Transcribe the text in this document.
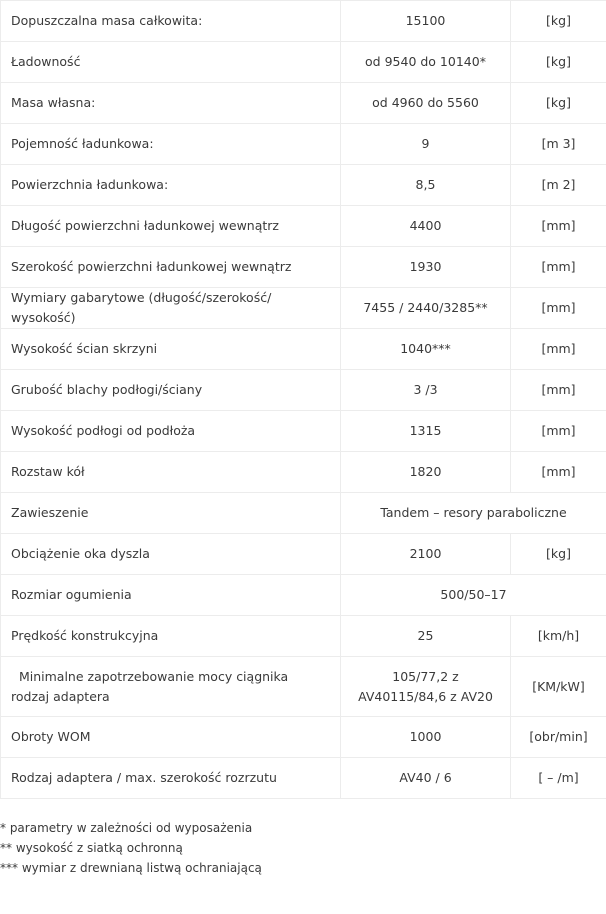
Dopuszczalna masa całkowita:	15100	[kg]
Ładowność	od 9540 do 10140*	[kg]
Masa własna:	od 4960 do 5560	[kg]
Pojemność ładunkowa:	9	[m 3]
Powierzchnia ładunkowa:	8,5	[m 2]
Długość powierzchni ładunkowej wewnątrz	4400	[mm]
Szerokość powierzchni ładunkowej wewnątrz	1930	[mm]
Wymiary gabarytowe (długość/szerokość/ wysokość)	7455 / 2440/3285**	[mm]
Wysokość ścian skrzyni	1040***	[mm]
Grubość blachy podłogi/ściany	3 /3	[mm]
Wysokość podłogi od podłoża	1315	[mm]
Rozstaw kół	1820	[mm]
Zawieszenie	Tandem – resory paraboliczne	
Obciążenie oka dyszla	2100	[kg]
Rozmiar ogumienia	500/50–17	
Prędkość konstrukcyjna	25	[km/h]
Minimalne zapotrzebowanie mocy ciągnika rodzaj adaptera	105/77,2 z AV40115/84,6 z AV20	[KM/kW]
Obroty WOM	1000	[obr/min]
Rodzaj adaptera / max. szerokość rozrzutu	AV40 / 6	[ – /m]
* parametry w zależności od wyposażenia
** wysokość z siatką ochronną
*** wymiar z drewnianą listwą ochraniającą
